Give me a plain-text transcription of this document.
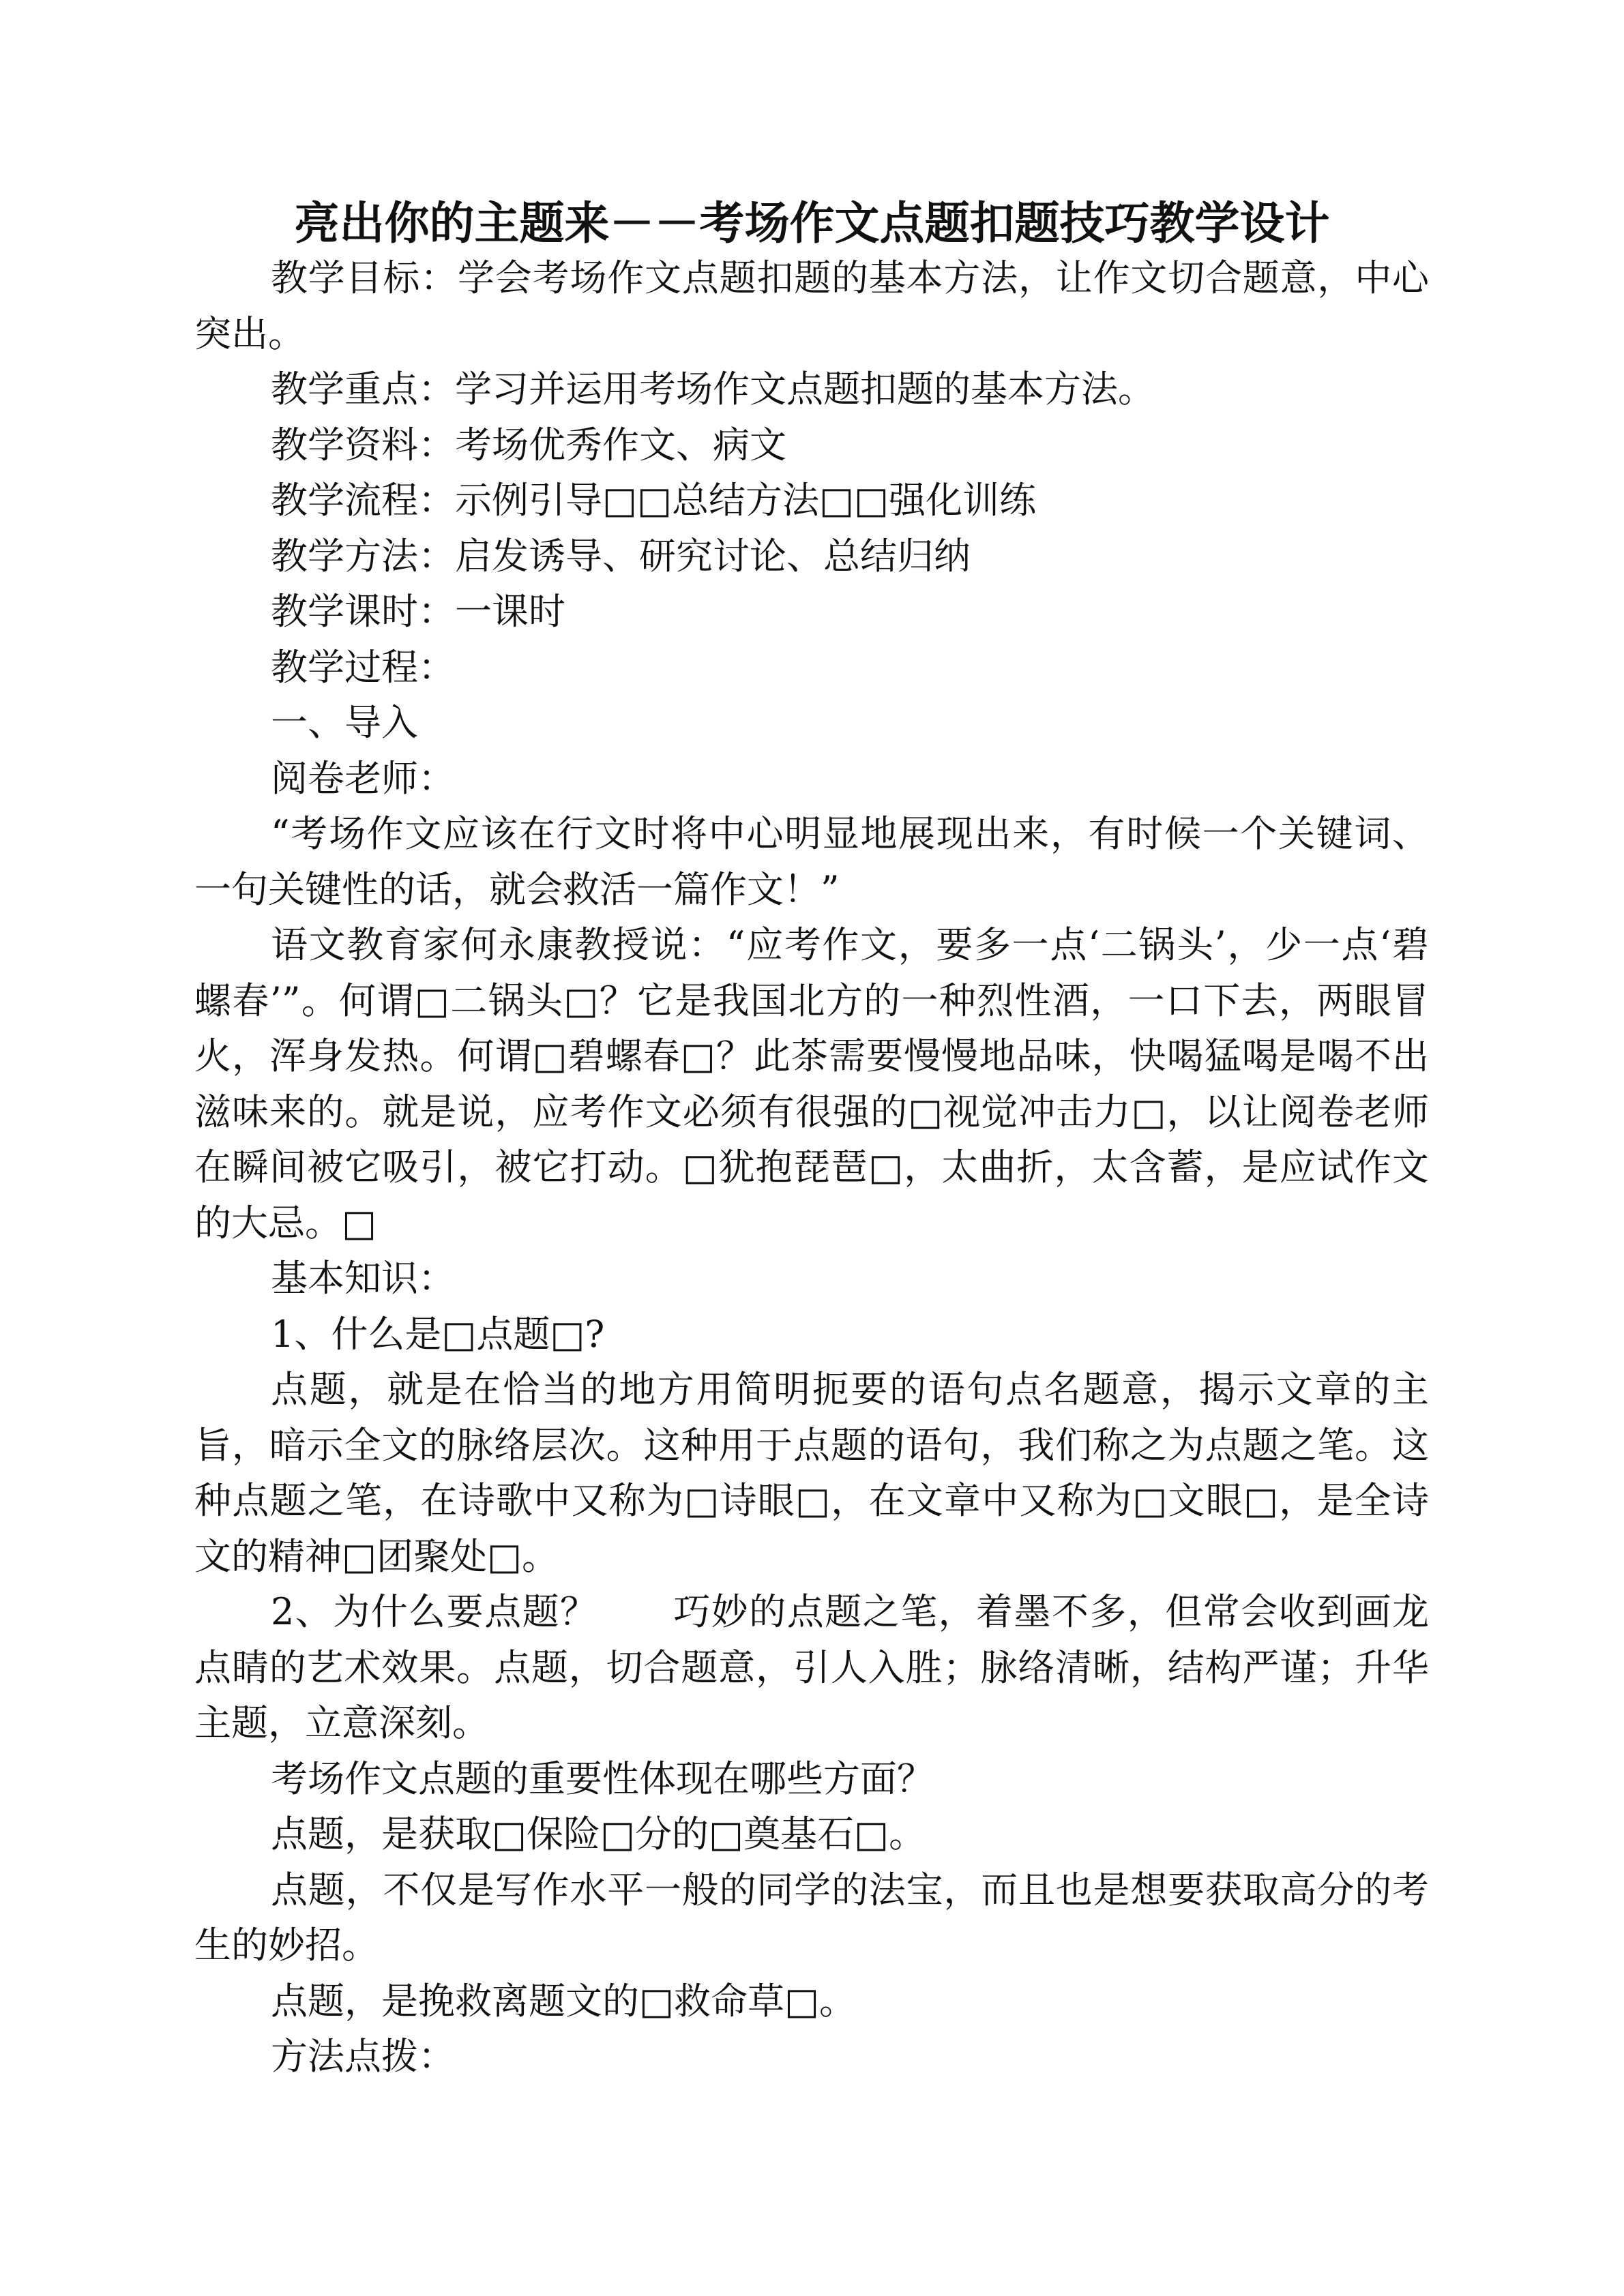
亮出你的主题来－－考场作文点题扣题技巧教学设计

教学目标：学会考场作文点题扣题的基本方法，让作文切合题意，中心突出。

教学重点：学习并运用考场作文点题扣题的基本方法。

教学资料：考场优秀作文、病文

教学流程：示例引导□□总结方法□□强化训练

教学方法：启发诱导、研究讨论、总结归纳

教学课时：一课时

教学过程：

一、导入

阅卷老师：

“考场作文应该在行文时将中心明显地展现出来，有时候一个关键词、一句关键性的话，就会救活一篇作文！”

语文教育家何永康教授说：“应考作文，要多一点‘二锅头’，少一点‘碧螺春’”。何谓□二锅头□？它是我国北方的一种烈性酒，一口下去，两眼冒火，浑身发热。何谓□碧螺春□？此茶需要慢慢地品味，快喝猛喝是喝不出滋味来的。就是说，应考作文必须有很强的□视觉冲击力□，以让阅卷老师在瞬间被它吸引，被它打动。□犹抱琵琶□，太曲折，太含蓄，是应试作文的大忌。□

基本知识：

1、什么是□点题□?

点题，就是在恰当的地方用简明扼要的语句点名题意，揭示文章的主旨，暗示全文的脉络层次。这种用于点题的语句，我们称之为点题之笔。这种点题之笔，在诗歌中又称为□诗眼□，在文章中又称为□文眼□，是全诗文的精神□团聚处□。

2、为什么要点题？　　巧妙的点题之笔，着墨不多，但常会收到画龙点睛的艺术效果。点题，切合题意，引人入胜；脉络清晰，结构严谨；升华主题，立意深刻。

考场作文点题的重要性体现在哪些方面？

点题，是获取□保险□分的□奠基石□。

点题，不仅是写作水平一般的同学的法宝，而且也是想要获取高分的考生的妙招。

点题，是挽救离题文的□救命草□。

方法点拨：
